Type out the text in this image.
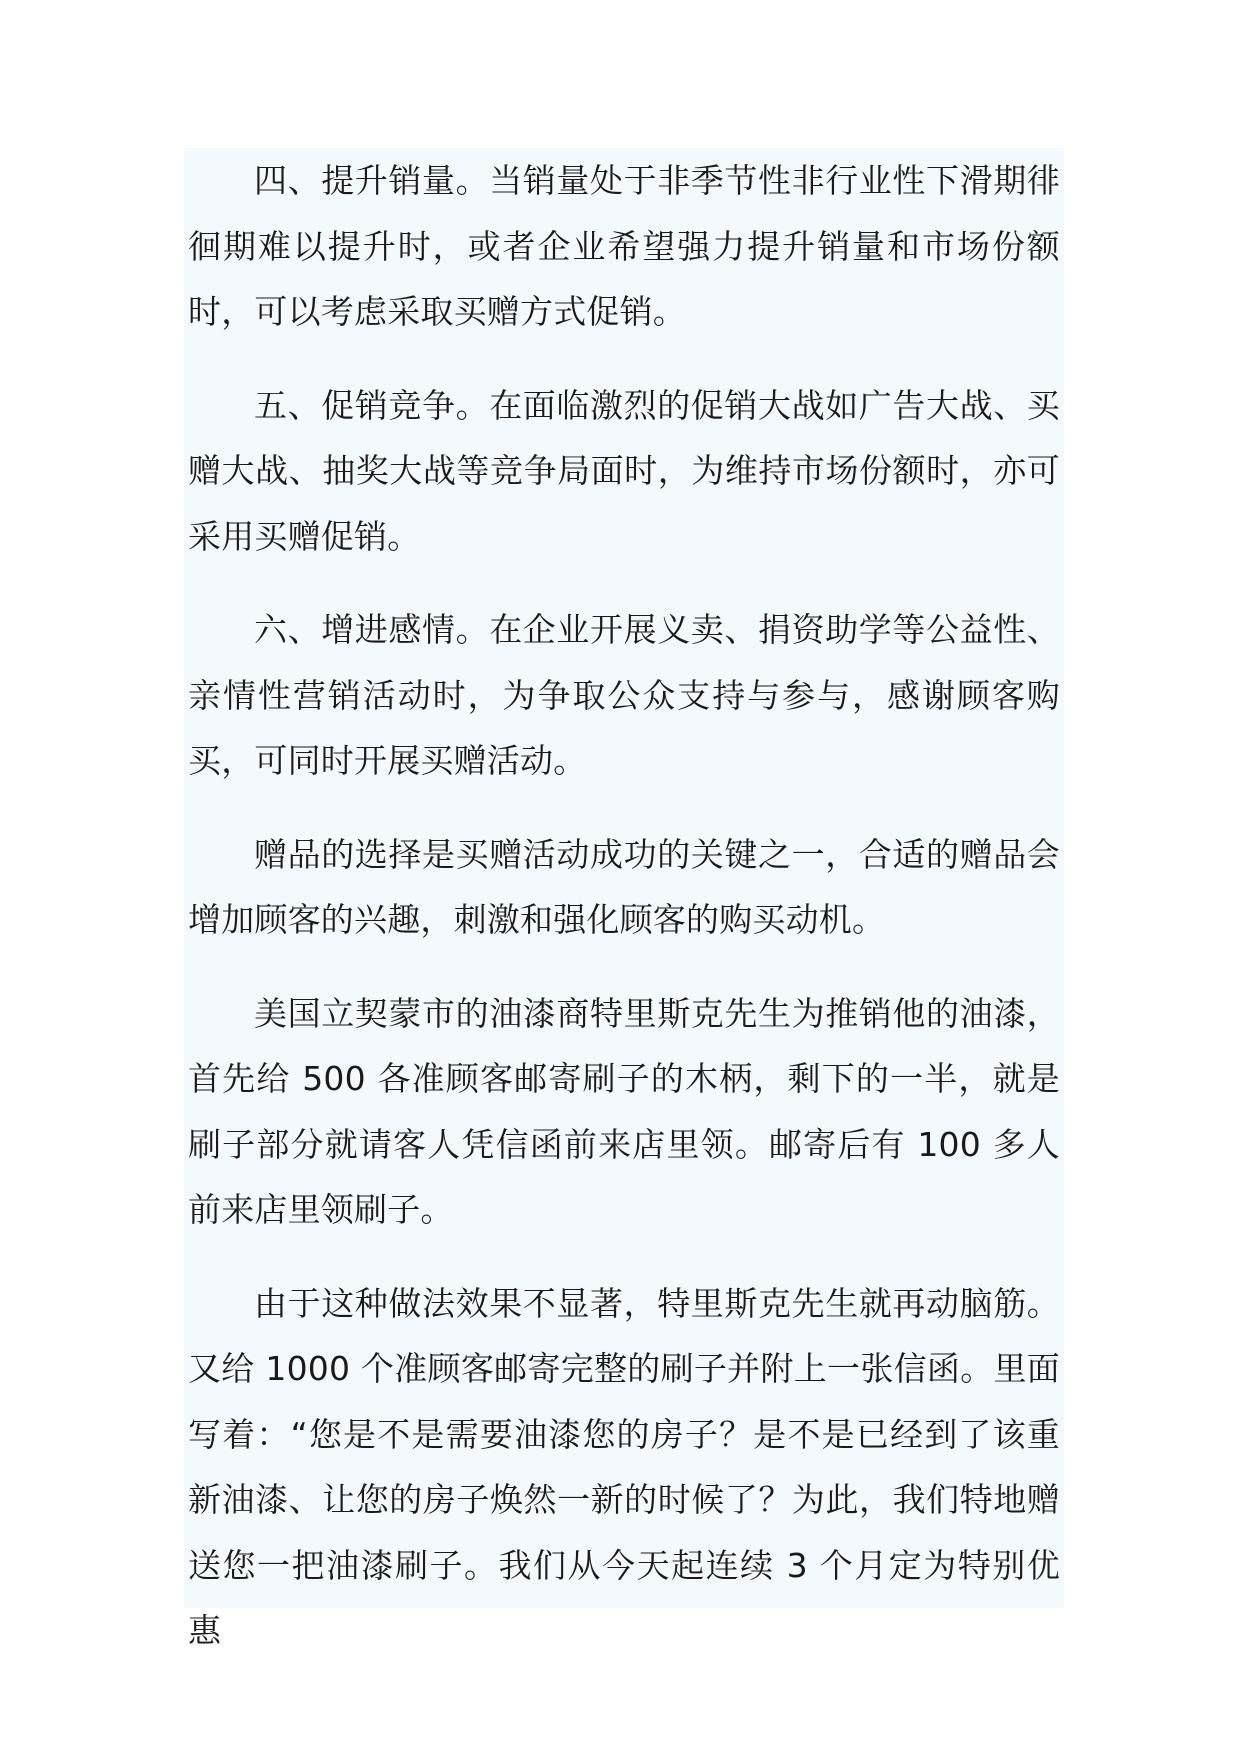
四、提升销量。当销量处于非季节性非行业性下滑期徘徊期难以提升时，或者企业希望强力提升销量和市场份额时，可以考虑采取买赠方式促销。

五、促销竞争。在面临激烈的促销大战如广告大战、买赠大战、抽奖大战等竞争局面时，为维持市场份额时，亦可采用买赠促销。

六、增进感情。在企业开展义卖、捐资助学等公益性、亲情性营销活动时，为争取公众支持与参与，感谢顾客购买，可同时开展买赠活动。

赠品的选择是买赠活动成功的关键之一，合适的赠品会增加顾客的兴趣，刺激和强化顾客的购买动机。

美国立契蒙市的油漆商特里斯克先生为推销他的油漆，首先给 500 各准顾客邮寄刷子的木柄，剩下的一半，就是刷子部分就请客人凭信函前来店里领。邮寄后有 100 多人前来店里领刷子。

由于这种做法效果不显著，特里斯克先生就再动脑筋。又给 1000 个准顾客邮寄完整的刷子并附上一张信函。里面写着：“您是不是需要油漆您的房子？是不是已经到了该重新油漆、让您的房子焕然一新的时候了？为此，我们特地赠送您一把油漆刷子。我们从今天起连续 3 个月定为特别优惠
